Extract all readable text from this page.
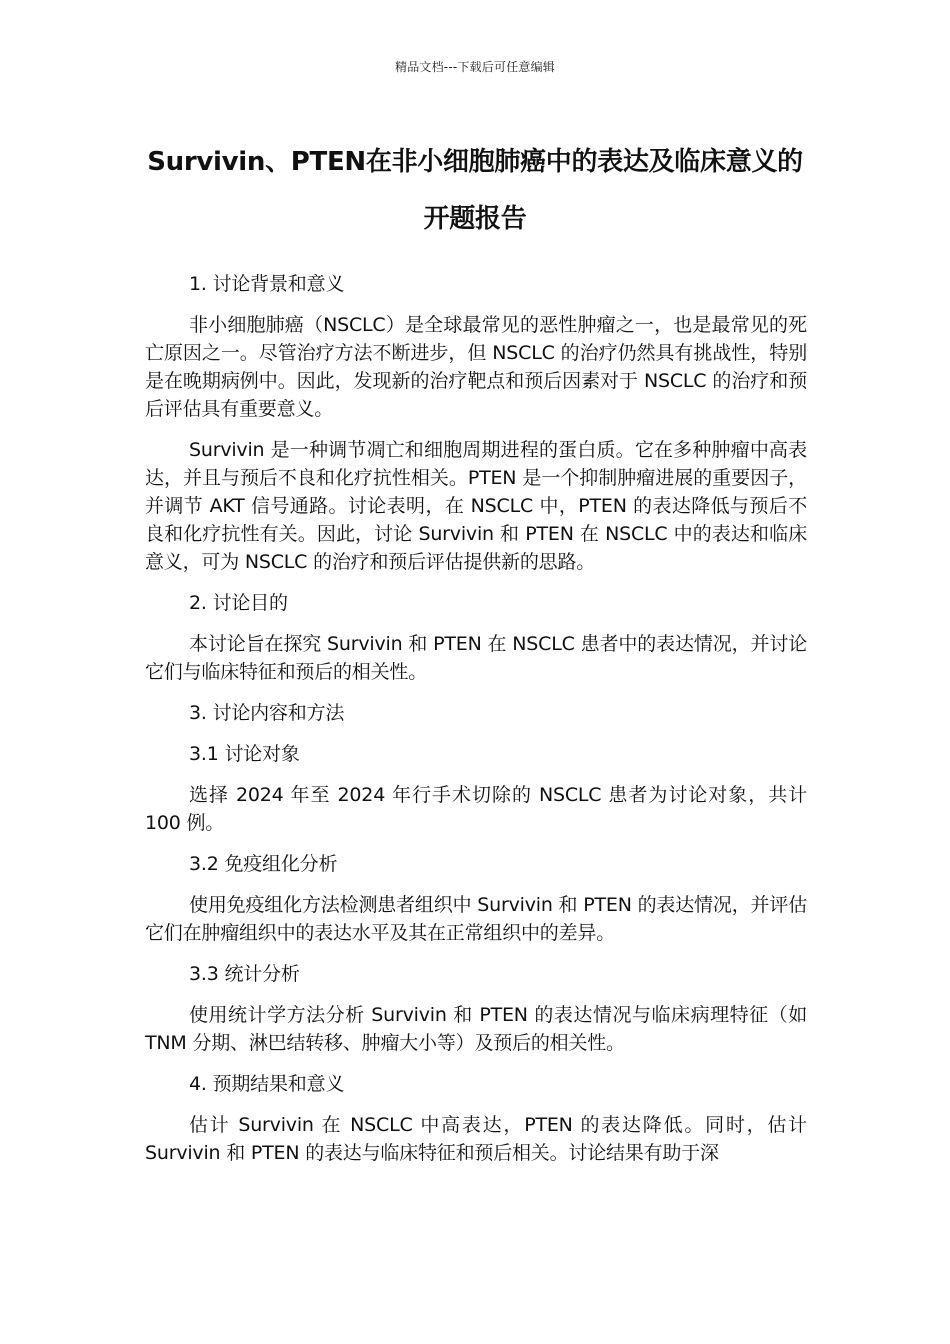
精品文档---下载后可任意编辑
Survivin、PTEN在非小细胞肺癌中的表达及临床意义的开题报告

1. 讨论背景和意义

非小细胞肺癌（NSCLC）是全球最常见的恶性肿瘤之一，也是最常见的死亡原因之一。尽管治疗方法不断进步，但 NSCLC 的治疗仍然具有挑战性，特别是在晚期病例中。因此，发现新的治疗靶点和预后因素对于 NSCLC 的治疗和预后评估具有重要意义。

Survivin 是一种调节凋亡和细胞周期进程的蛋白质。它在多种肿瘤中高表达，并且与预后不良和化疗抗性相关。PTEN 是一个抑制肿瘤进展的重要因子，并调节 AKT 信号通路。讨论表明，在 NSCLC 中，PTEN 的表达降低与预后不良和化疗抗性有关。因此，讨论 Survivin 和 PTEN 在 NSCLC 中的表达和临床意义，可为 NSCLC 的治疗和预后评估提供新的思路。

2. 讨论目的

本讨论旨在探究 Survivin 和 PTEN 在 NSCLC 患者中的表达情况，并讨论它们与临床特征和预后的相关性。

3. 讨论内容和方法

3.1 讨论对象

选择 2024 年至 2024 年行手术切除的 NSCLC 患者为讨论对象，共计 100 例。

3.2 免疫组化分析

使用免疫组化方法检测患者组织中 Survivin 和 PTEN 的表达情况，并评估它们在肿瘤组织中的表达水平及其在正常组织中的差异。

3.3 统计分析

使用统计学方法分析 Survivin 和 PTEN 的表达情况与临床病理特征（如 TNM 分期、淋巴结转移、肿瘤大小等）及预后的相关性。

4. 预期结果和意义

估计 Survivin 在 NSCLC 中高表达，PTEN 的表达降低。同时，估计 Survivin 和 PTEN 的表达与临床特征和预后相关。讨论结果有助于深
